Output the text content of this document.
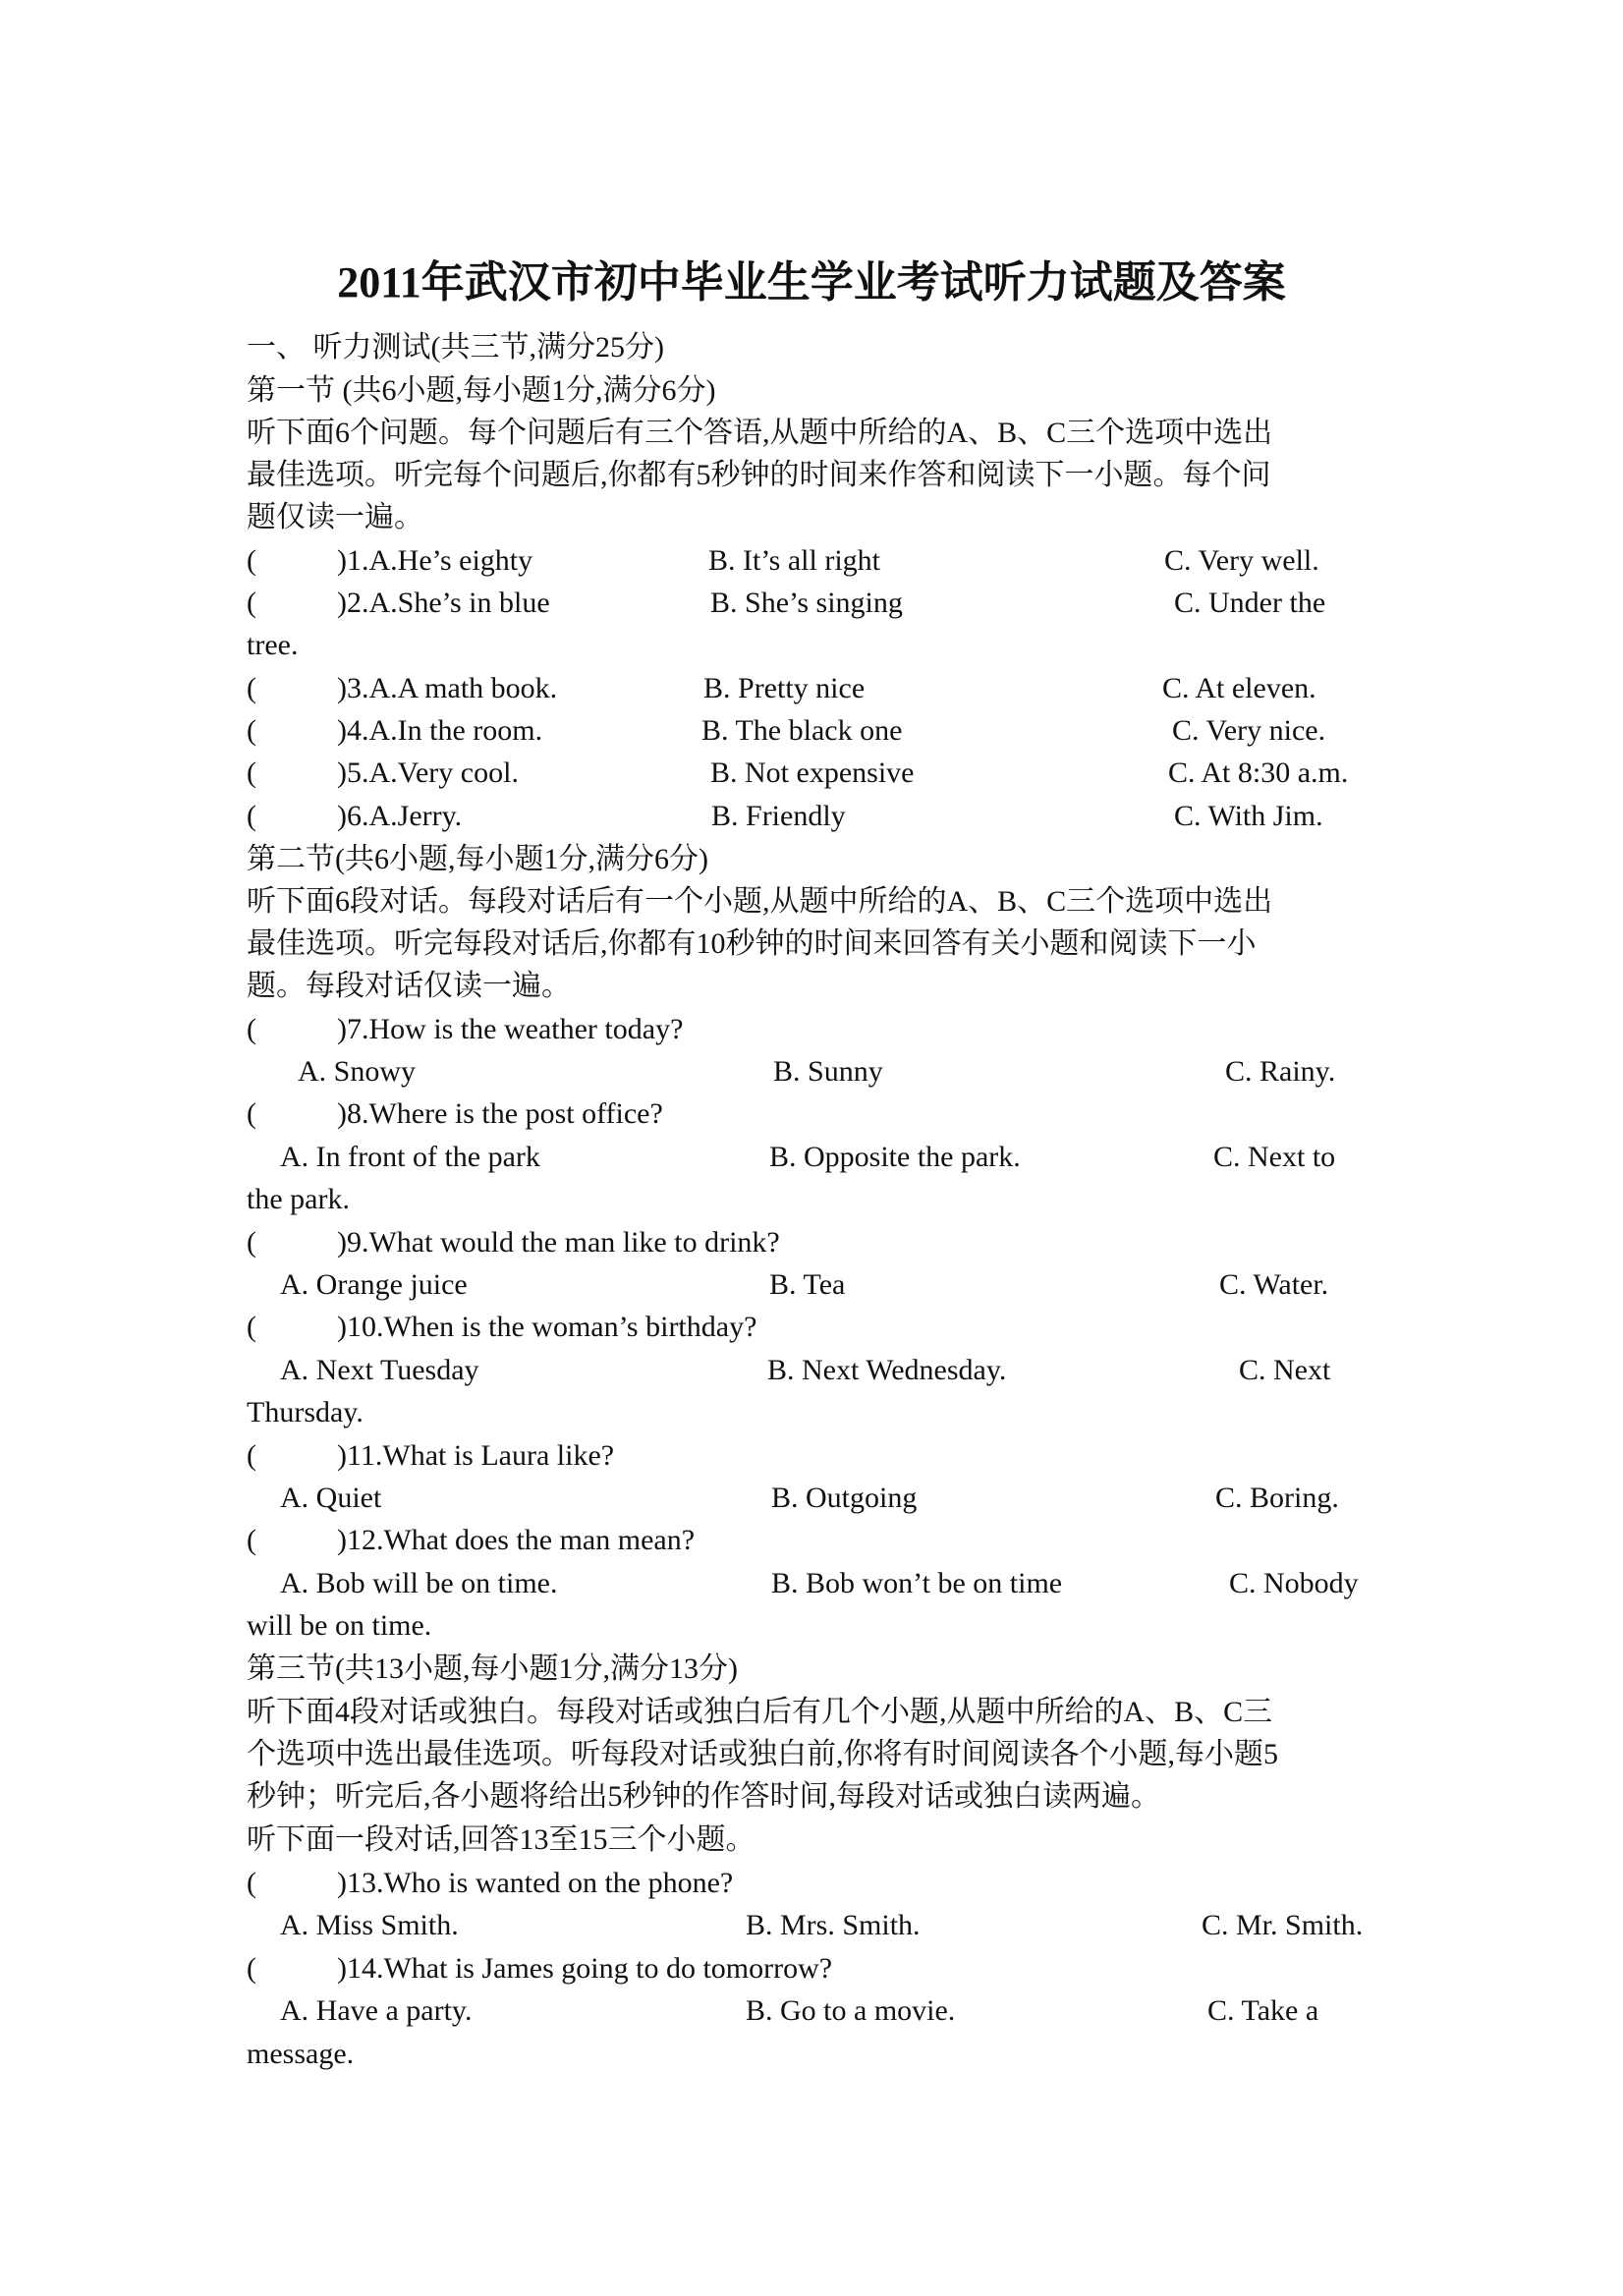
2011年武汉市初中毕业生学业考试听力试题及答案
一、 听力测试(共三节,满分25分)
第一节 (共6小题,每小题1分,满分6分)
听下面6个问题。每个问题后有三个答语,从题中所给的A、B、C三个选项中选出
最佳选项。听完每个问题后,你都有5秒钟的时间来作答和阅读下一小题。每个问
题仅读一遍。
(	)1.A.He’s eighty	B. It’s all right	C. Very well.
(	)2.A.She’s in blue	B. She’s singing	C. Under the
tree.
(	)3.A.A math book.	B. Pretty nice	C. At eleven.
(	)4.A.In the room.	B. The black one	C. Very nice.
(	)5.A.Very cool.	B. Not expensive	C. At 8:30 a.m.
(	)6.A.Jerry.	B. Friendly	C. With Jim.
第二节(共6小题,每小题1分,满分6分)
听下面6段对话。每段对话后有一个小题,从题中所给的A、B、C三个选项中选出
最佳选项。听完每段对话后,你都有10秒钟的时间来回答有关小题和阅读下一小
题。每段对话仅读一遍。
(	)7.How is the weather today?
A. Snowy	B. Sunny	C. Rainy.
(	)8.Where is the post office?
A. In front of the park	B. Opposite the park.	C. Next to
the park.
(	)9.What would the man like to drink?
A. Orange juice	B. Tea	C. Water.
(	)10.When is the woman’s birthday?
A. Next Tuesday	B. Next Wednesday.	C. Next
Thursday.
(	)11.What is Laura like?
A. Quiet	B. Outgoing	C. Boring.
(	)12.What does the man mean?
A. Bob will be on time.	B. Bob won’t be on time	C. Nobody
will be on time.
第三节(共13小题,每小题1分,满分13分)
听下面4段对话或独白。每段对话或独白后有几个小题,从题中所给的A、B、C三
个选项中选出最佳选项。听每段对话或独白前,你将有时间阅读各个小题,每小题5
秒钟；听完后,各小题将给出5秒钟的作答时间,每段对话或独白读两遍。
听下面一段对话,回答13至15三个小题。
(	)13.Who is wanted on the phone?
A. Miss Smith.	B. Mrs. Smith.	C. Mr. Smith.
(	)14.What is James going to do tomorrow?
A. Have a party.	B. Go to a movie.	C. Take a
message.
